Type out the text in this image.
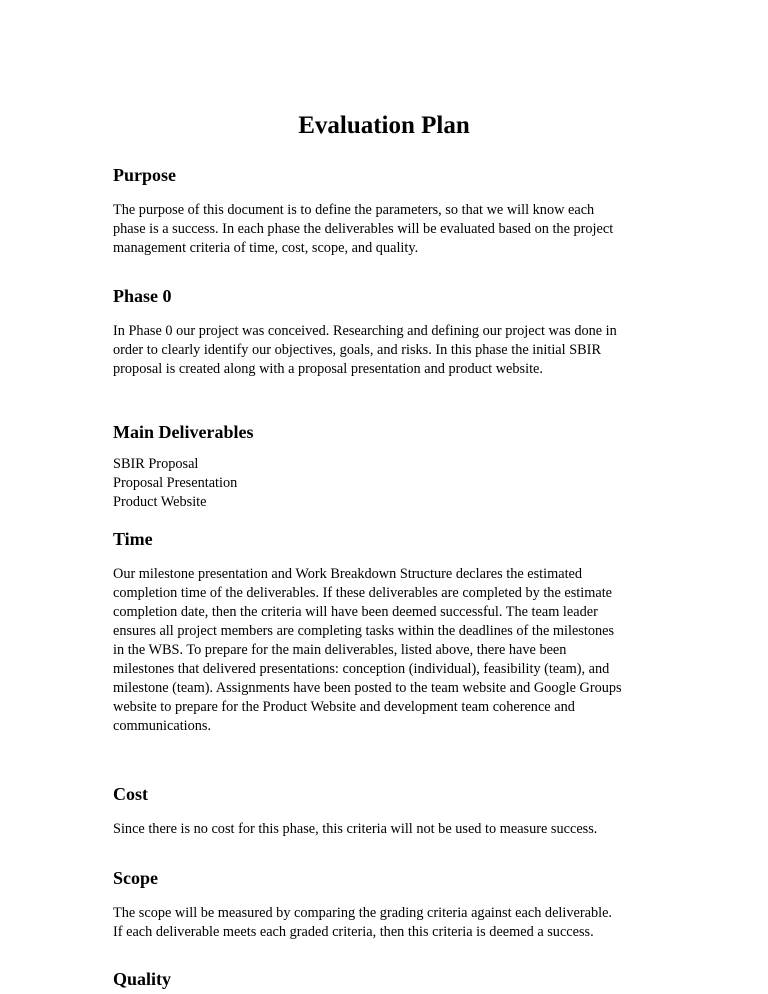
Evaluation Plan
Purpose
The purpose of this document is to define the parameters, so that we will know each
phase is a success. In each phase the deliverables will be evaluated based on the project
management criteria of time, cost, scope, and quality.
Phase 0
In Phase 0 our project was conceived. Researching and defining our project was done in
order to clearly identify our objectives, goals, and risks. In this phase the initial SBIR
proposal is created along with a proposal presentation and product website.
Main Deliverables
SBIR Proposal
Proposal Presentation
Product Website
Time
Our milestone presentation and Work Breakdown Structure declares the estimated
completion time of the deliverables. If these deliverables are completed by the estimate
completion date, then the criteria will have been deemed successful. The team leader
ensures all project members are completing tasks within the deadlines of the milestones
in the WBS. To prepare for the main deliverables, listed above, there have been
milestones that delivered presentations: conception (individual), feasibility (team), and
milestone (team). Assignments have been posted to the team website and Google Groups
website to prepare for the Product Website and development team coherence and
communications.
Cost
Since there is no cost for this phase, this criteria will not be used to measure success.
Scope
The scope will be measured by comparing the grading criteria against each deliverable.
If each deliverable meets each graded criteria, then this criteria is deemed a success.
Quality
